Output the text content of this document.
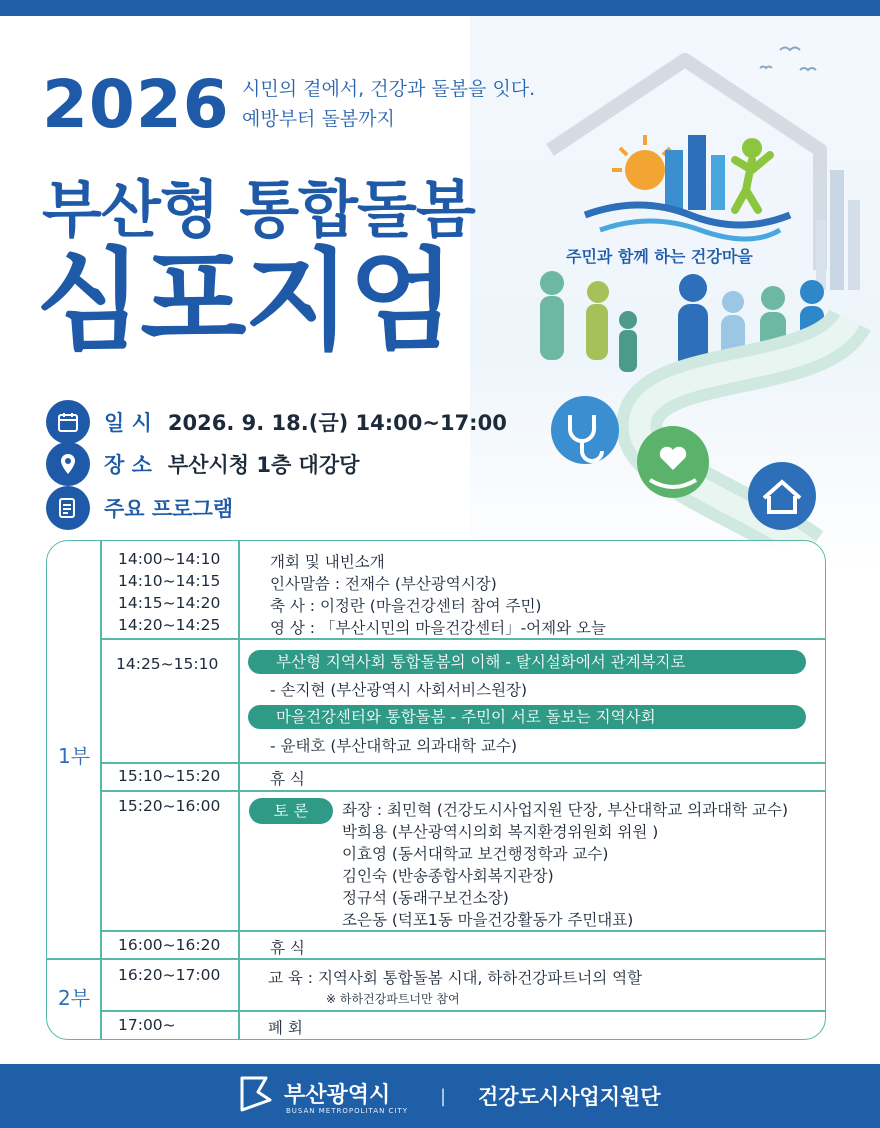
2026 시민의 곁에서, 건강과 돌봄을 잇다.
예방부터 돌봄까지
부산형 통합돌봄
심포지엄	주민과 함께 하는 건강마을
일 시 2026. 9. 18.(금) 14:00~17:00
장 소 부산시청 1층 대강당
주요 프로그램
1부
2부
14:00~14:10	개회 및 내빈소개
14:10~14:15	인사말씀 : 전재수 (부산광역시장)
14:15~14:20	축 사 : 이정란 (마을건강센터 참여 주민)
14:20~14:25	영 상 : 「부산시민의 마을건강센터」-어제와 오늘
14:25~15:10	부산형 지역사회 통합돌봄의 이해 - 탈시설화에서 관계복지로
- 손지현 (부산광역시 사회서비스원장)
마을건강센터와 통합돌봄 - 주민이 서로 돌보는 지역사회
- 윤태호 (부산대학교 의과대학 교수)
15:10~15:20	휴 식
15:20~16:00	토 론	좌장 : 최민혁 (건강도시사업지원 단장, 부산대학교 의과대학 교수)
박희용 (부산광역시의회 복지환경위원회 위원 )
이효영 (동서대학교 보건행정학과 교수)
김인숙 (반송종합사회복지관장)
정규석 (동래구보건소장)
조은동 (덕포1동 마을건강활동가 주민대표)
16:00~16:20	휴 식
16:20~17:00	교 육 : 지역사회 통합돌봄 시대, 하하건강파트너의 역할
※ 하하건강파트너만 참여
17:00~	폐 회
부산광역시
BUSAN METROPOLITAN CITY
| 건강도시사업지원단
